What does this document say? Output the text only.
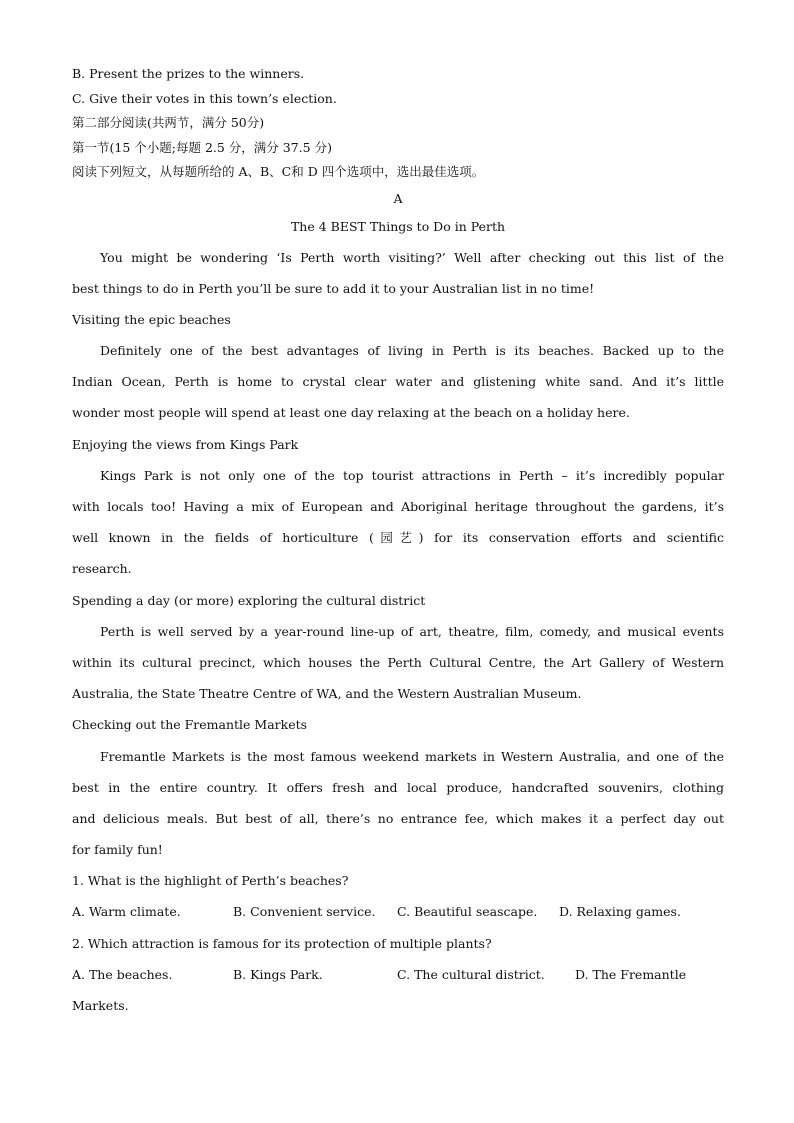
B. Present the prizes to the winners.
C. Give their votes in this town’s election.
第二部分阅读(共两节，满分 50分)
第一节(15 个小题;每题 2.5 分，满分 37.5 分)
阅读下列短文，从每题所给的 A、B、C和 D 四个选项中，选出最佳选项。
A
The 4 BEST Things to Do in Perth
You might be wondering ‘Is Perth worth visiting?’ Well after checking out this list of the
best things to do in Perth you’ll be sure to add it to your Australian list in no time!
Visiting the epic beaches
Definitely one of the best advantages of living in Perth is its beaches. Backed up to the
Indian Ocean, Perth is home to crystal clear water and glistening white sand. And it’s little
wonder most people will spend at least one day relaxing at the beach on a holiday here.
Enjoying the views from Kings Park
Kings Park is not only one of the top tourist attractions in Perth – it’s incredibly popular
with locals too! Having a mix of European and Aboriginal heritage throughout the gardens, it’s
well known in the fields of horticulture (园艺) for its conservation efforts and scientific
research.
Spending a day (or more) exploring the cultural district
Perth is well served by a year-round line-up of art, theatre, film, comedy, and musical events
within its cultural precinct, which houses the Perth Cultural Centre, the Art Gallery of Western
Australia, the State Theatre Centre of WA, and the Western Australian Museum.
Checking out the Fremantle Markets
Fremantle Markets is the most famous weekend markets in Western Australia, and one of the
best in the entire country. It offers fresh and local produce, handcrafted souvenirs, clothing
and delicious meals. But best of all, there’s no entrance fee, which makes it a perfect day out
for family fun!
1. What is the highlight of Perth’s beaches?
A. Warm climate.	B. Convenient service.	C. Beautiful seascape.	D. Relaxing games.
2. Which attraction is famous for its protection of multiple plants?
A. The beaches.	B. Kings Park.	C. The cultural district.	D. The Fremantle
Markets.
